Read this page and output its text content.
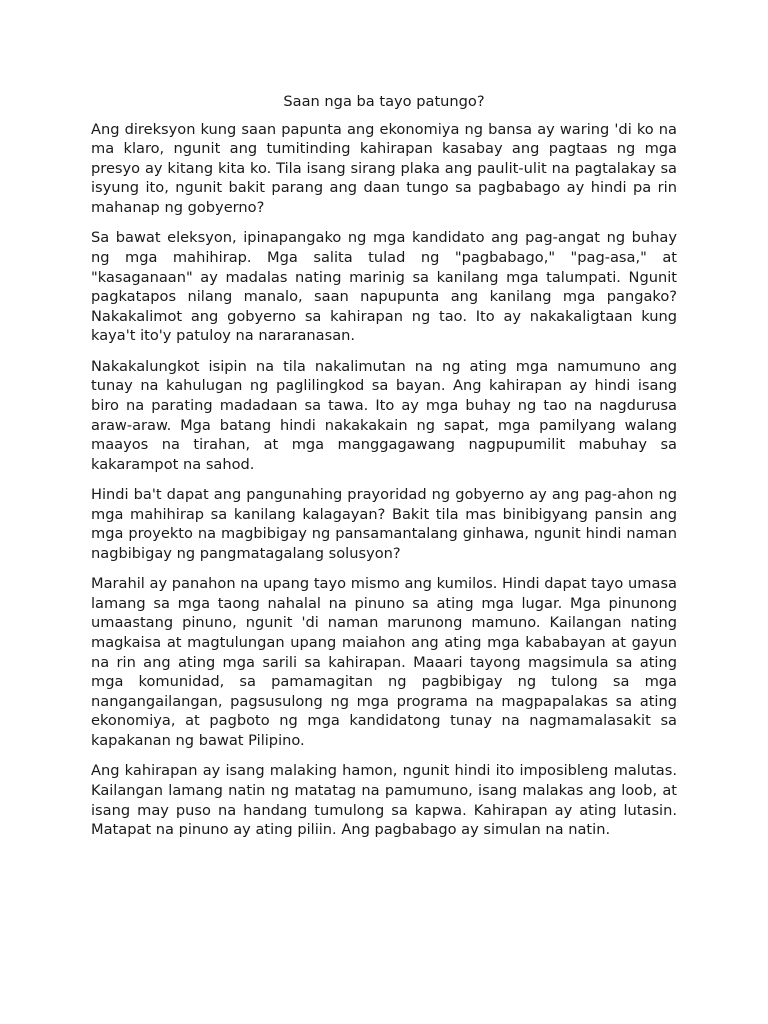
Saan nga ba tayo patungo?

Ang direksyon kung saan papunta ang ekonomiya ng bansa ay waring 'di ko na ma klaro, ngunit ang tumitinding kahirapan kasabay ang pagtaas ng mga presyo ay kitang kita ko. Tila isang sirang plaka ang paulit-ulit na pagtalakay sa isyung ito, ngunit bakit parang ang daan tungo sa pagbabago ay hindi pa rin mahanap ng gobyerno?

Sa bawat eleksyon, ipinapangako ng mga kandidato ang pag-angat ng buhay ng mga mahihirap. Mga salita tulad ng "pagbabago," "pag-asa," at "kasaganaan" ay madalas nating marinig sa kanilang mga talumpati. Ngunit pagkatapos nilang manalo, saan napupunta ang kanilang mga pangako? Nakakalimot ang gobyerno sa kahirapan ng tao. Ito ay nakakaligtaan kung kaya't ito'y patuloy na nararanasan.

Nakakalungkot isipin na tila nakalimutan na ng ating mga namumuno ang tunay na kahulugan ng paglilingkod sa bayan. Ang kahirapan ay hindi isang biro na parating madadaan sa tawa. Ito ay mga buhay ng tao na nagdurusa araw-araw. Mga batang hindi nakakakain ng sapat, mga pamilyang walang maayos na tirahan, at mga manggagawang nagpupumilit mabuhay sa kakarampot na sahod.

Hindi ba't dapat ang pangunahing prayoridad ng gobyerno ay ang pag-ahon ng mga mahihirap sa kanilang kalagayan? Bakit tila mas binibigyang pansin ang mga proyekto na magbibigay ng pansamantalang ginhawa, ngunit hindi naman nagbibigay ng pangmatagalang solusyon?

Marahil ay panahon na upang tayo mismo ang kumilos. Hindi dapat tayo umasa lamang sa mga taong nahalal na pinuno sa ating mga lugar. Mga pinunong umaastang pinuno, ngunit 'di naman marunong mamuno. Kailangan nating magkaisa at magtulungan upang maiahon ang ating mga kababayan at gayun na rin ang ating mga sarili sa kahirapan. Maaari tayong magsimula sa ating mga komunidad, sa pamamagitan ng pagbibigay ng tulong sa mga nangangailangan, pagsusulong ng mga programa na magpapalakas sa ating ekonomiya, at pagboto ng mga kandidatong tunay na nagmamalasakit sa kapakanan ng bawat Pilipino.

Ang kahirapan ay isang malaking hamon, ngunit hindi ito imposibleng malutas. Kailangan lamang natin ng matatag na pamumuno, isang malakas ang loob, at isang may puso na handang tumulong sa kapwa. Kahirapan ay ating lutasin. Matapat na pinuno ay ating piliin. Ang pagbabago ay simulan na natin.
